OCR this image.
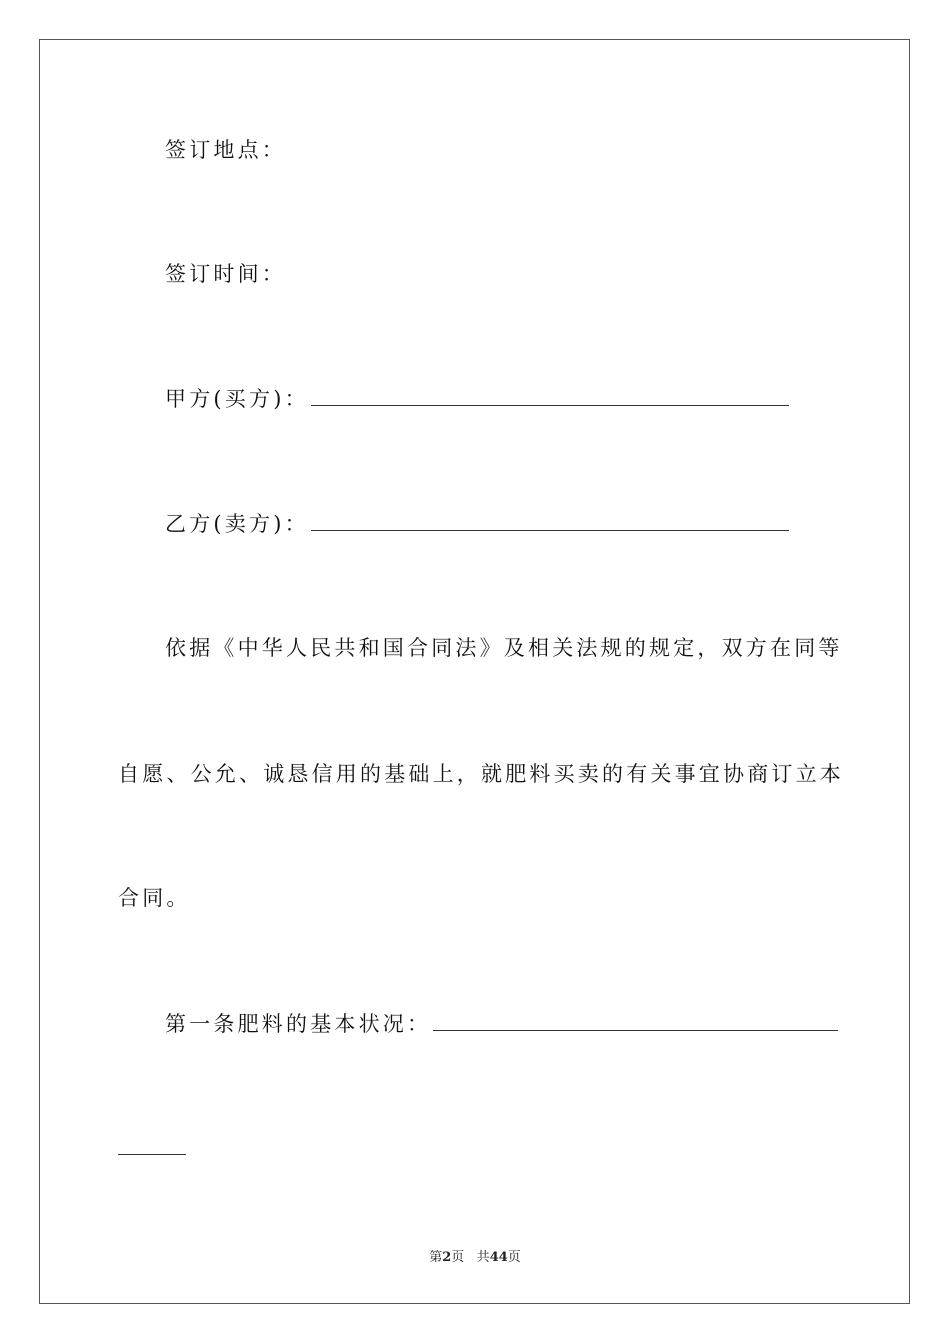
签订地点：
签订时间：
甲方(买方)：
乙方(卖方)：
依据《中华人民共和国合同法》及相关法规的规定，双方在同等
自愿、公允、诚恳信用的基础上，就肥料买卖的有关事宜协商订立本
合同。
第一条肥料的基本状况：
第2页 共44页
